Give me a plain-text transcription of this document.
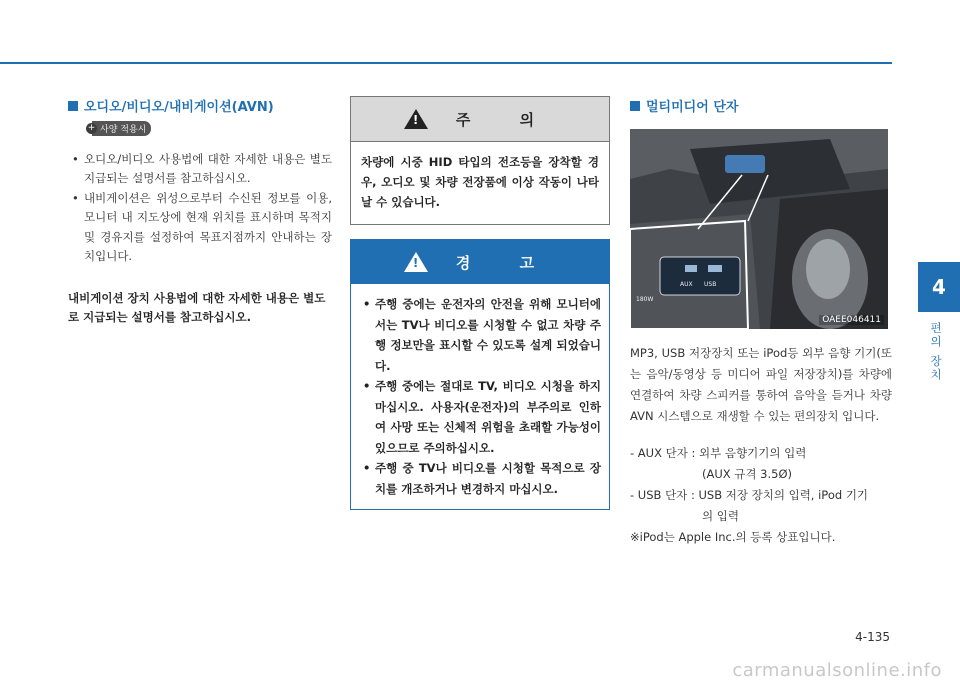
오디오/비디오/내비게이션(AVN)
+ 사양 적용시
• 오디오/비디오 사용법에 대한 자세한 내용은 별도 지급되는 설명서를 참고하십시오.
• 내비게이션은 위성으로부터 수신된 정보를 이용, 모니터 내 지도상에 현재 위치를 표시하며 목적지 및 경유지를 설정하여 목표지점까지 안내하는 장치입니다.
내비게이션 장치 사용법에 대한 자세한 내용은 별도로 지급되는 설명서를 참고하십시오.
!
주 의
차량에 시중 HID 타입의 전조등을 장착할 경우, 오디오 및 차량 전장품에 이상 작동이 나타날 수 있습니다.
!
경 고
• 주행 중에는 운전자의 안전을 위해 모니터에서는 TV나 비디오를 시청할 수 없고 차량 주행 정보만을 표시할 수 있도록 설계 되었습니다.
• 주행 중에는 절대로 TV, 비디오 시청을 하지 마십시오. 사용자(운전자)의 부주의로 인하여 사망 또는 신체적 위험을 초래할 가능성이 있으므로 주의하십시오.
• 주행 중 TV나 비디오를 시청할 목적으로 장치를 개조하거나 변경하지 마십시오.
멀티미디어 단자
AUX USB
180W
OAEE046411
MP3, USB 저장장치 또는 iPod등 외부 음향 기기(또는 음악/동영상 등 미디어 파일 저장장치)를 차량에 연결하여 차량 스피커를 통하여 음악을 듣거나 차량 AVN 시스템으로 재생할 수 있는 편의장치 입니다.
- AUX 단자 : 외부 음향기기의 입력
(AUX 규격 3.5Ø)
- USB 단자 : USB 저장 장치의 입력, iPod 기기
의 입력
※iPod는 Apple Inc.의 등록 상표입니다.
4
편의 장치
4-135
carmanualsonline.info
